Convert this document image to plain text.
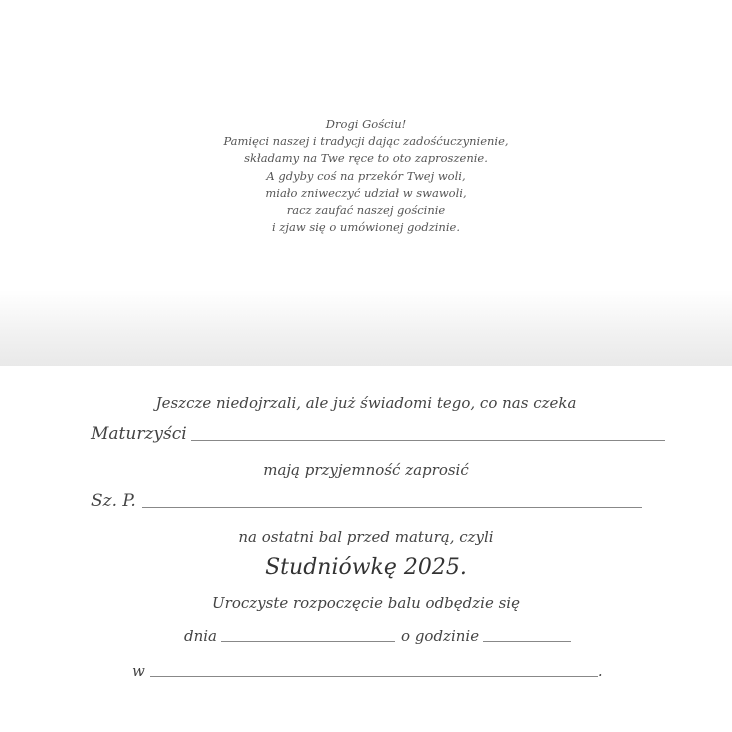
Drogi Gościu!
Pamięci naszej i tradycji dając zadośćuczynienie,
składamy na Twe ręce to oto zaproszenie.
A gdyby coś na przekór Twej woli,
miało zniweczyć udział w swawoli,
racz zaufać naszej gościnie
i zjaw się o umówionej godzinie.
Jeszcze niedojrzali, ale już świadomi tego, co nas czeka
Maturzyści
mają przyjemność zaprosić
Sz. P.
na ostatni bal przed maturą, czyli
Studniówkę 2025.
Uroczyste rozpoczęcie balu odbędzie się
dnia	o godzinie
w	.
